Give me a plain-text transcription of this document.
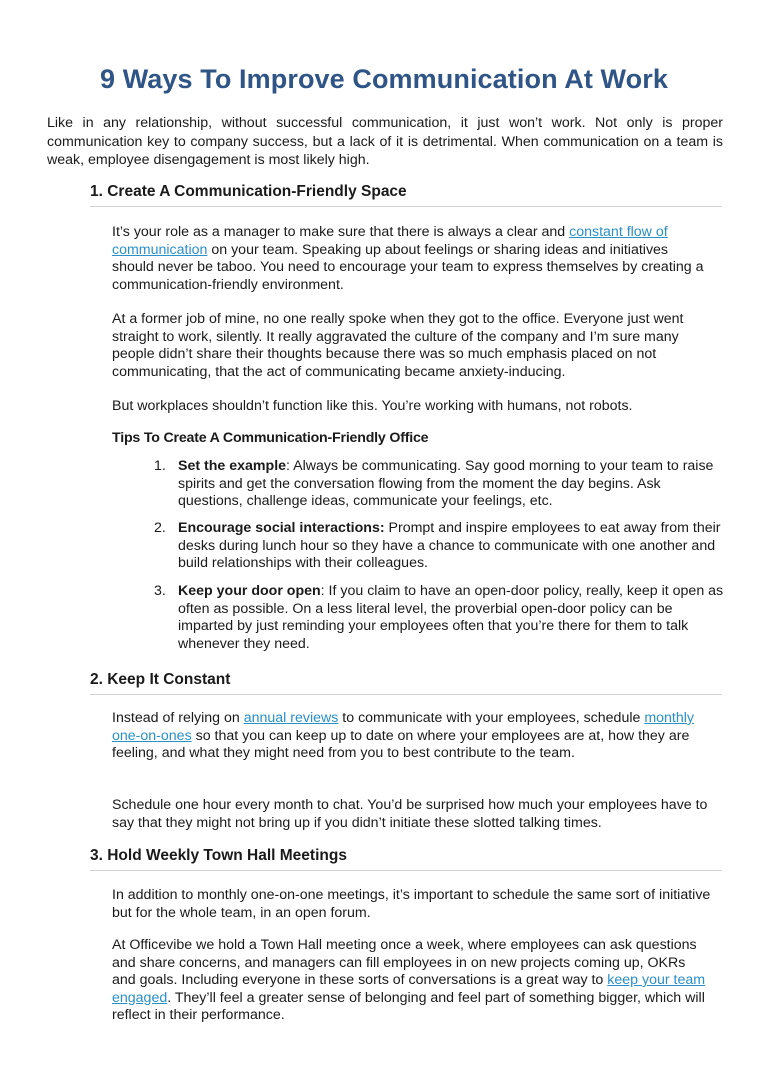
9 Ways To Improve Communication At Work

Like in any relationship, without successful communication, it just won’t work. Not only is proper communication key to company success, but a lack of it is detrimental. When communication on a team is weak, employee disengagement is most likely high.

1. Create A Communication-Friendly Space

It’s your role as a manager to make sure that there is always a clear and constant flow of communication on your team. Speaking up about feelings or sharing ideas and initiatives should never be taboo. You need to encourage your team to express themselves by creating a communication-friendly environment.

At a former job of mine, no one really spoke when they got to the office. Everyone just went straight to work, silently. It really aggravated the culture of the company and I’m sure many people didn’t share their thoughts because there was so much emphasis placed on not communicating, that the act of communicating became anxiety-inducing.

But workplaces shouldn’t function like this. You’re working with humans, not robots.

Tips To Create A Communication-Friendly Office

1. Set the example: Always be communicating. Say good morning to your team to raise spirits and get the conversation flowing from the moment the day begins. Ask questions, challenge ideas, communicate your feelings, etc.
2. Encourage social interactions: Prompt and inspire employees to eat away from their desks during lunch hour so they have a chance to communicate with one another and build relationships with their colleagues.
3. Keep your door open: If you claim to have an open-door policy, really, keep it open as often as possible. On a less literal level, the proverbial open-door policy can be imparted by just reminding your employees often that you’re there for them to talk whenever they need.
2. Keep It Constant

Instead of relying on annual reviews to communicate with your employees, schedule monthly one-on-ones so that you can keep up to date on where your employees are at, how they are feeling, and what they might need from you to best contribute to the team.

Schedule one hour every month to chat. You’d be surprised how much your employees have to say that they might not bring up if you didn’t initiate these slotted talking times.

3. Hold Weekly Town Hall Meetings

In addition to monthly one-on-one meetings, it’s important to schedule the same sort of initiative but for the whole team, in an open forum.

At Officevibe we hold a Town Hall meeting once a week, where employees can ask questions and share concerns, and managers can fill employees in on new projects coming up, OKRs and goals. Including everyone in these sorts of conversations is a great way to keep your team engaged. They’ll feel a greater sense of belonging and feel part of something bigger, which will reflect in their performance.
